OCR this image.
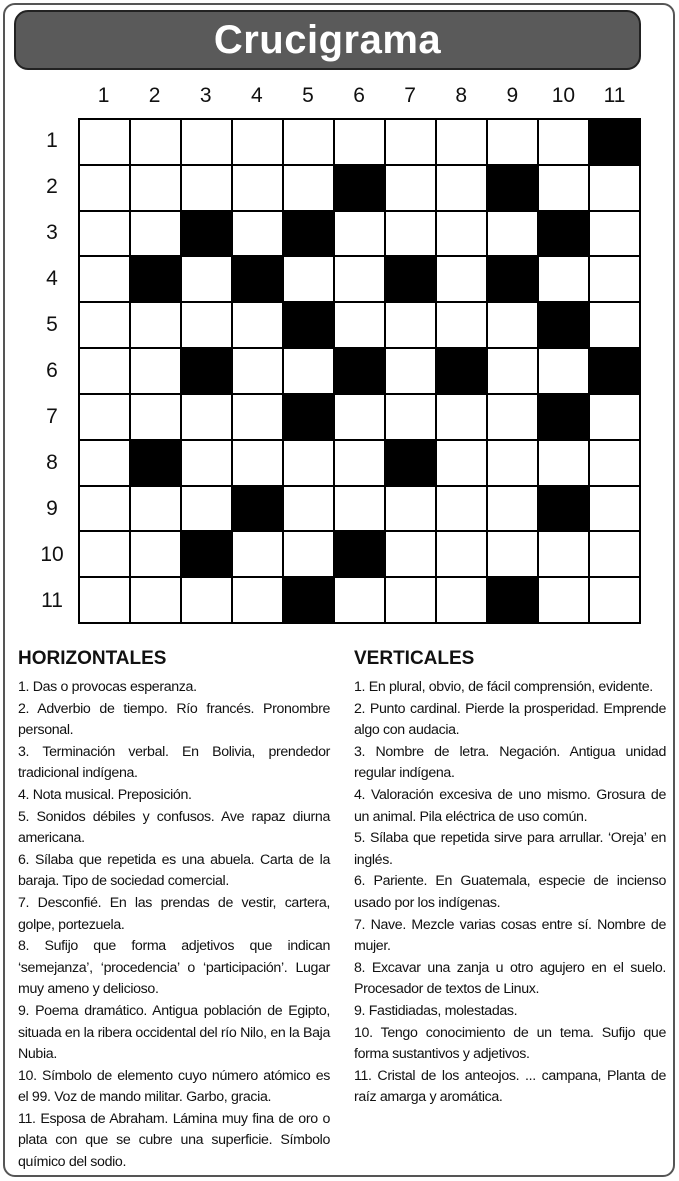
Crucigrama
1	2	3	4	5	6	7	8	9	10	11
1
2
3
4
5
6
7
8
9
10
11
HORIZONTALES
1. Das o provocas esperanza.
2. Adverbio de tiempo. Río francés. Pronombre personal.
3. Terminación verbal. En Bolivia, prendedor tradicional indígena.
4. Nota musical. Preposición.
5. Sonidos débiles y confusos. Ave rapaz diurna americana.
6. Sílaba que repetida es una abuela. Carta de la baraja. Tipo de sociedad comercial.
7. Desconfié. En las prendas de vestir, cartera, golpe, portezuela.
8. Sufijo que forma adjetivos que indican ‘semejanza’, ‘procedencia’ o ‘participación’. Lugar muy ameno y delicioso.
9. Poema dramático. Antigua población de Egipto, situada en la ribera occidental del río Nilo, en la Baja Nubia.
10. Símbolo de elemento cuyo número atómico es el 99. Voz de mando militar. Garbo, gracia.
11. Esposa de Abraham. Lámina muy fina de oro o plata con que se cubre una superficie. Símbolo químico del sodio.
VERTICALES
1. En plural, obvio, de fácil comprensión, evidente.
2. Punto cardinal. Pierde la prosperidad. Emprende algo con audacia.
3. Nombre de letra. Negación. Antigua unidad regular indígena.
4. Valoración excesiva de uno mismo. Grosura de un animal. Pila eléctrica de uso común.
5. Sílaba que repetida sirve para arrullar. ‘Oreja’ en inglés.
6. Pariente. En Guatemala, especie de incienso usado por los indígenas.
7. Nave. Mezcle varias cosas entre sí. Nombre de mujer.
8. Excavar una zanja u otro agujero en el suelo. Procesador de textos de Linux.
9. Fastidiadas, molestadas.
10. Tengo conocimiento de un tema. Sufijo que forma sustantivos y adjetivos.
11. Cristal de los anteojos. ... campana, Planta de raíz amarga y aromática.
